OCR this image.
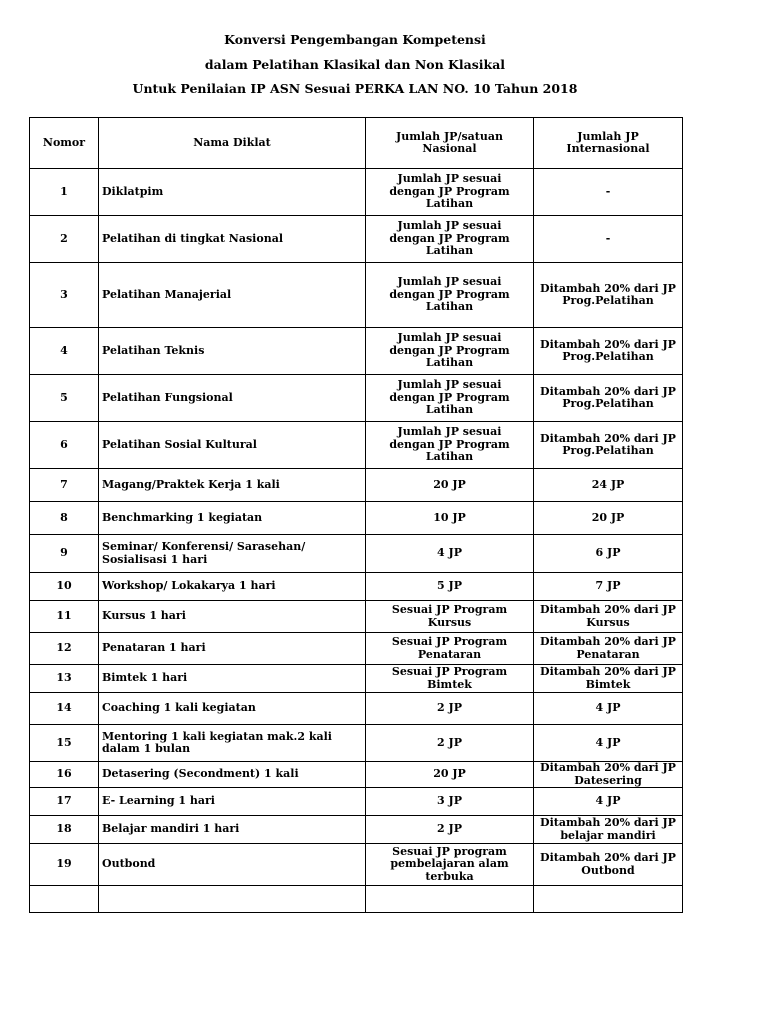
Konversi Pengembangan Kompetensi
dalam Pelatihan Klasikal dan Non Klasikal
Untuk Penilaian IP ASN Sesuai PERKA LAN NO. 10 Tahun 2018
Nomor	Nama Diklat	Jumlah JP/satuan Nasional	Jumlah JP Internasional
1	Diklatpim	Jumlah JP sesuai dengan JP Program Latihan	-
2	Pelatihan di tingkat Nasional	Jumlah JP sesuai dengan JP Program Latihan	-
3	Pelatihan Manajerial	Jumlah JP sesuai dengan JP Program Latihan	Ditambah 20% dari JP Prog.Pelatihan
4	Pelatihan Teknis	Jumlah JP sesuai dengan JP Program Latihan	Ditambah 20% dari JP Prog.Pelatihan
5	Pelatihan Fungsional	Jumlah JP sesuai dengan JP Program Latihan	Ditambah 20% dari JP Prog.Pelatihan
6	Pelatihan Sosial Kultural	Jumlah JP sesuai dengan JP Program Latihan	Ditambah 20% dari JP Prog.Pelatihan
7	Magang/Praktek Kerja 1 kali	20 JP	24 JP
8	Benchmarking 1 kegiatan	10 JP	20 JP
9	Seminar/ Konferensi/ Sarasehan/ Sosialisasi 1 hari	4 JP	6 JP
10	Workshop/ Lokakarya 1 hari	5 JP	7 JP
11	Kursus 1 hari	Sesuai JP Program Kursus	Ditambah 20% dari JP Kursus
12	Penataran 1 hari	Sesuai JP Program Penataran	Ditambah 20% dari JP Penataran
13	Bimtek 1 hari	Sesuai JP Program Bimtek	Ditambah 20% dari JP Bimtek
14	Coaching 1 kali kegiatan	2 JP	4 JP
15	Mentoring 1 kali kegiatan mak.2 kali dalam 1 bulan	2 JP	4 JP
16	Detasering (Secondment) 1 kali	20 JP	Ditambah 20% dari JP Datesering
17	E- Learning 1 hari	3 JP	4 JP
18	Belajar mandiri 1 hari	2 JP	Ditambah 20% dari JP belajar mandiri
19	Outbond	Sesuai JP program pembelajaran alam terbuka	Ditambah 20% dari JP Outbond
